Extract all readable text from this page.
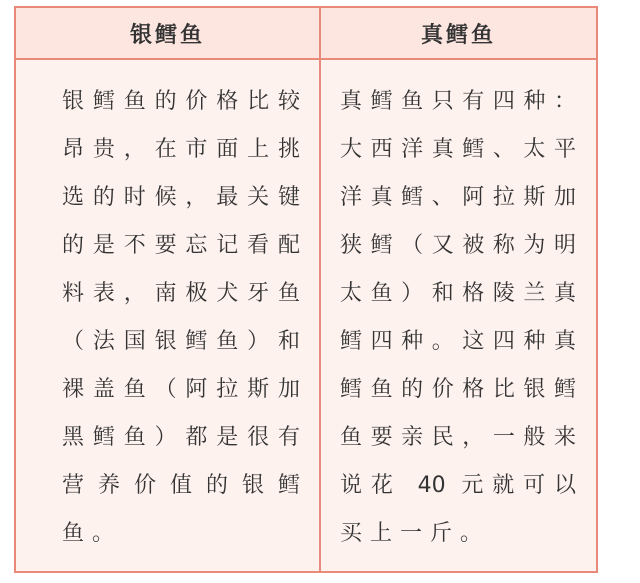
银鳕鱼	真鳕鱼
银鳕鱼的价格比较
昂贵，在市面上挑
选的时候，最关键
的是不要忘记看配
料表，南极犬牙鱼
（法国银鳕鱼）和
裸盖鱼（阿拉斯加
黑鳕鱼）都是很有
营养价值的银鳕
鱼。
真鳕鱼只有四种：
大西洋真鳕、太平
洋真鳕、阿拉斯加
狭鳕（又被称为明
太鱼）和格陵兰真
鳕四种。这四种真
鳕鱼的价格比银鳕
鱼要亲民，一般来
说花 40 元就可以
买上一斤。
